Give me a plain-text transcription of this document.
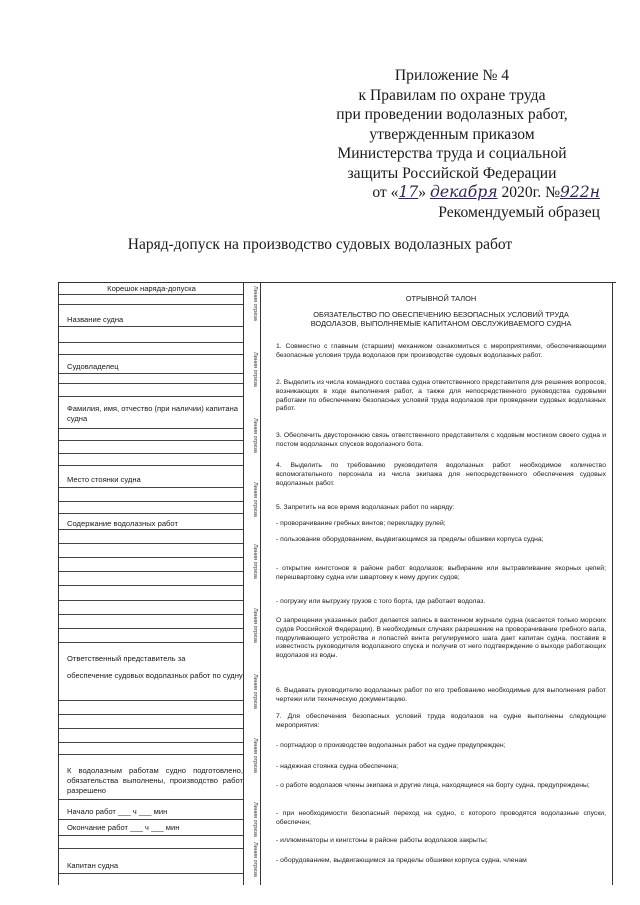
Приложение № 4
к Правилам по охране труда
при проведении водолазных работ,
утвержденным приказом
Министерства труда и социальной
защиты Российской Федерации
от «17» декабря 2020г. №922н
Рекомендуемый образец
Наряд-допуск на производство судовых водолазных работ
Корешок наряда-допуска
Название судна
Судовладелец
Фамилия, имя, отчество (при наличии) капитана судна
Место стоянки судна
Содержание водолазных работ
Ответственный представитель за
обеспечение судовых водолазных работ по судну
К водолазным работам судно подготовлено, обязательства выполнены, производство работ разрешено
Начало работ ___ ч ___ мин
Окончание работ ___ ч ___ мин
Капитан судна
Линия отреза
Линия отреза
Линия отреза
Линия отреза
Линия отреза
Линия отреза
Линия отреза
Линия отреза
Линия отреза
Линия отреза
ОТРЫВНОЙ ТАЛОН
ОБЯЗАТЕЛЬСТВО ПО ОБЕСПЕЧЕНИЮ БЕЗОПАСНЫХ УСЛОВИЙ ТРУДА ВОДОЛАЗОВ, ВЫПОЛНЯЕМЫЕ КАПИТАНОМ ОБСЛУЖИВАЕМОГО СУДНА
1. Совместно с главным (старшим) механиком ознакомиться с мероприятиями, обеспечивающими безопасные условия труда водолазов при производстве судовых водолазных работ.
2. Выделить из числа командного состава судна ответственного представителя для решения вопросов, возникающих в ходе выполнения работ, а также для непосредственного руководства судовыми работами по обеспечению безопасных условий труда водолазов при проведении судовых водолазных работ.
3. Обеспечить двустороннюю связь ответственного представителя с ходовым мостиком своего судна и постом водолазных спусков водолазного бота.
4. Выделить по требованию руководителя водолазных работ необходимое количество вспомогательного персонала из числа экипажа для непосредственного обеспечения судовых водолазных работ.
5. Запретить на все время водолазных работ по наряду:
- проворачивание гребных винтов; перекладку рулей;
- пользование оборудованием, выдвигающимся за пределы обшивки корпуса судна;
- открытие кингстонов в районе работ водолазов; выбирание или вытравливание якорных цепей; перешвартовку судна или швартовку к нему других судов;
- погрузку или выгрузку грузов с того борта, где работает водолаз.
О запрещении указанных работ делается запись в вахтенном журнале судна (касается только морских судов Российской Федерации). В необходимых случаях разрешение на проворачивание гребного вала, подруливающего устройства и лопастей винта регулируемого шага дает капитан судна, поставив в известность руководителя водолазного спуска и получив от него подтверждение о выходе работающих водолазов из воды.
6. Выдавать руководителю водолазных работ по его требованию необходимые для выполнения работ чертежи или техническую документацию.
7. Для обеспечения безопасных условий труда водолазов на судне выполнены следующие мероприятия:
- портнадзор о производстве водолазных работ на судне предупрежден;
- надежная стоянка судна обеспечена;
- о работе водолазов члены экипажа и другие лица, находящиеся на борту судна, предупреждены;
- при необходимости безопасный переход на судно, с которого проводятся водолазные спуски, обеспечен;
- иллюминаторы и кингстоны в районе работы водолазов закрыты;
- оборудованием, выдвигающимся за пределы обшивки корпуса судна, членам
